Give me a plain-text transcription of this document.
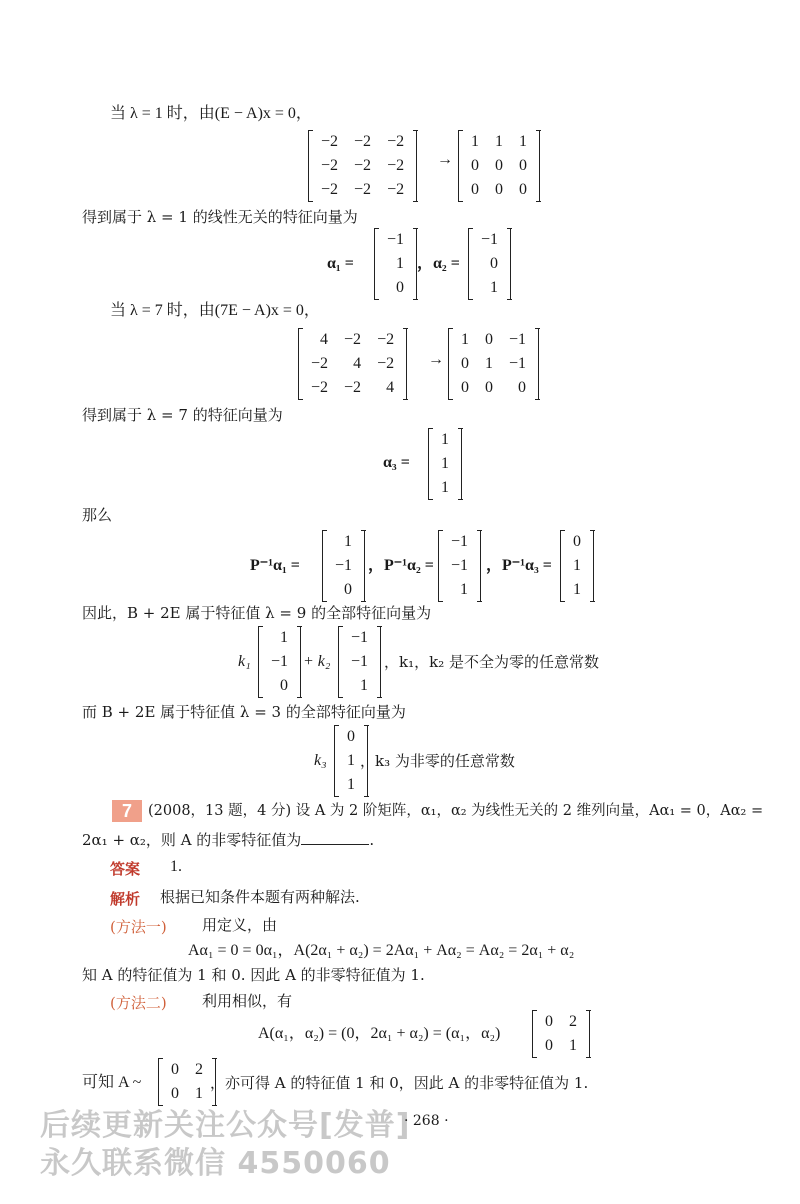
当 λ = 1 时，由(E − A)x = 0，
−2	−2	−2
−2	−2	−2
−2	−2	−2
→
1	1	1
0	0	0
0	0	0
得到属于 λ = 1 的线性无关的特征向量为
α₁ =
−1
1
0
，α₂ =
−1
0
1
当 λ = 7 时，由(7E − A)x = 0，
4	−2	−2
−2	4	−2
−2	−2	4
→
1	0	−1
0	1	−1
0	0	0
得到属于 λ = 7 的特征向量为
α₃ =
1
1
1
那么
P⁻¹α₁ =
1
−1
0
，P⁻¹α₂ =
−1
−1
1
，P⁻¹α₃ =
0
1
1
因此，B + 2E 属于特征值 λ = 9 的全部特征向量为
k₁
1
−1
0
+ k₂
−1
−1
1
，k₁，k₂ 是不全为零的任意常数
而 B + 2E 属于特征值 λ = 3 的全部特征向量为
k₃
0
1
1
，k₃ 为非零的任意常数
7	(2008，13 题，4 分) 设 A 为 2 阶矩阵，α₁，α₂ 为线性无关的 2 维列向量，Aα₁ = 0，Aα₂ =
2α₁ + α₂，则 A 的非零特征值为	.
答案 1.
解析 根据已知条件本题有两种解法.
(方法一) 用定义，由
Aα₁ = 0 = 0α₁，A(2α₁ + α₂) = 2Aα₁ + Aα₂ = Aα₂ = 2α₁ + α₂
知 A 的特征值为 1 和 0. 因此 A 的非零特征值为 1.
(方法二) 利用相似，有
A(α₁，α₂) = (0，2α₁ + α₂) = (α₁，α₂)
0	2
0	1
可知 A ~
0	2
0	1
，亦可得 A 的特征值 1 和 0，因此 A 的非零特征值为 1.
后续更新关注公众号[发普]
永久联系微信 4550060
· 268 ·
